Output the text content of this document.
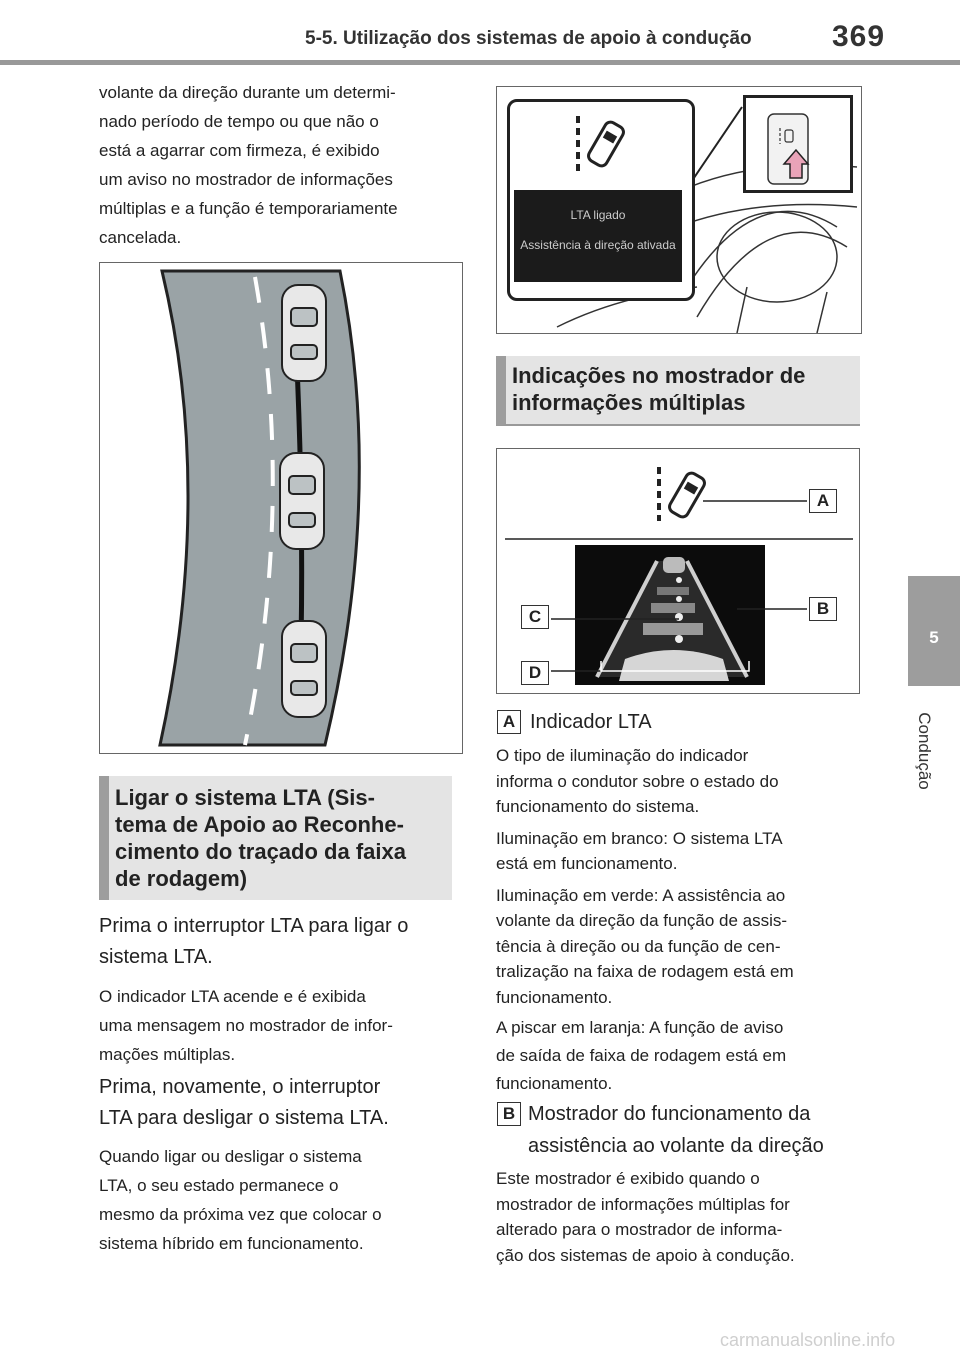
5-5. Utilização dos sistemas de apoio à condução	369
5
Condução
volante da direção durante um determi-
nado período de tempo ou que não o
está a agarrar com firmeza, é exibido
um aviso no mostrador de informações
múltiplas e a função é temporariamente
cancelada.
Ligar o sistema LTA (Sis-
tema de Apoio ao Reconhe-
cimento do traçado da faixa
de rodagem)
Prima o interruptor LTA para ligar o
sistema LTA.
O indicador LTA acende e é exibida
uma mensagem no mostrador de infor-
mações múltiplas.
Prima, novamente, o interruptor
LTA para desligar o sistema LTA.
Quando ligar ou desligar o sistema
LTA, o seu estado permanece o
mesmo da próxima vez que colocar o
sistema híbrido em funcionamento.
LTA ligado
Assistência à direção ativada
Indicações no mostrador de
informações múltiplas
A
B
C
D
A Indicador LTA
O tipo de iluminação do indicador
informa o condutor sobre o estado do
funcionamento do sistema.
Iluminação em branco: O sistema LTA
está em funcionamento.
Iluminação em verde: A assistência ao
volante da direção da função de assis-
tência à direção ou da função de cen-
tralização na faixa de rodagem está em
funcionamento.
A piscar em laranja: A função de aviso
de saída de faixa de rodagem está em
funcionamento.
B Mostrador do funcionamento da
assistência ao volante da direção
Este mostrador é exibido quando o
mostrador de informações múltiplas for
alterado para o mostrador de informa-
ção dos sistemas de apoio à condução.
carmanualsonline.info
